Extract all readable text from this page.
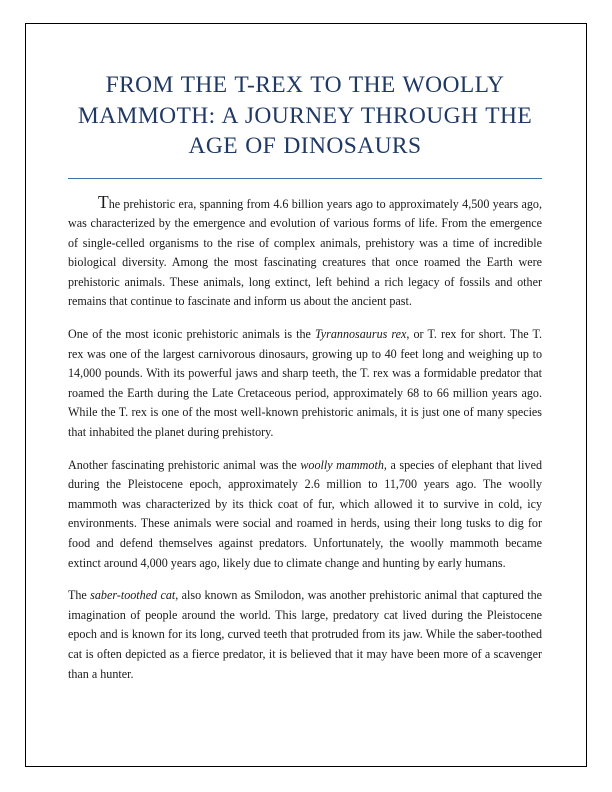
FROM THE T-REX TO THE WOOLLY MAMMOTH: A JOURNEY THROUGH THE AGE OF DINOSAURS

The prehistoric era, spanning from 4.6 billion years ago to approximately 4,500 years ago, was characterized by the emergence and evolution of various forms of life. From the emergence of single-celled organisms to the rise of complex animals, prehistory was a time of incredible biological diversity. Among the most fascinating creatures that once roamed the Earth were prehistoric animals. These animals, long extinct, left behind a rich legacy of fossils and other remains that continue to fascinate and inform us about the ancient past.

One of the most iconic prehistoric animals is the Tyrannosaurus rex, or T. rex for short. The T. rex was one of the largest carnivorous dinosaurs, growing up to 40 feet long and weighing up to 14,000 pounds. With its powerful jaws and sharp teeth, the T. rex was a formidable predator that roamed the Earth during the Late Cretaceous period, approximately 68 to 66 million years ago. While the T. rex is one of the most well-known prehistoric animals, it is just one of many species that inhabited the planet during prehistory.

Another fascinating prehistoric animal was the woolly mammoth, a species of elephant that lived during the Pleistocene epoch, approximately 2.6 million to 11,700 years ago. The woolly mammoth was characterized by its thick coat of fur, which allowed it to survive in cold, icy environments. These animals were social and roamed in herds, using their long tusks to dig for food and defend themselves against predators. Unfortunately, the woolly mammoth became extinct around 4,000 years ago, likely due to climate change and hunting by early humans.

The saber-toothed cat, also known as Smilodon, was another prehistoric animal that captured the imagination of people around the world. This large, predatory cat lived during the Pleistocene epoch and is known for its long, curved teeth that protruded from its jaw. While the saber-toothed cat is often depicted as a fierce predator, it is believed that it may have been more of a scavenger than a hunter.
